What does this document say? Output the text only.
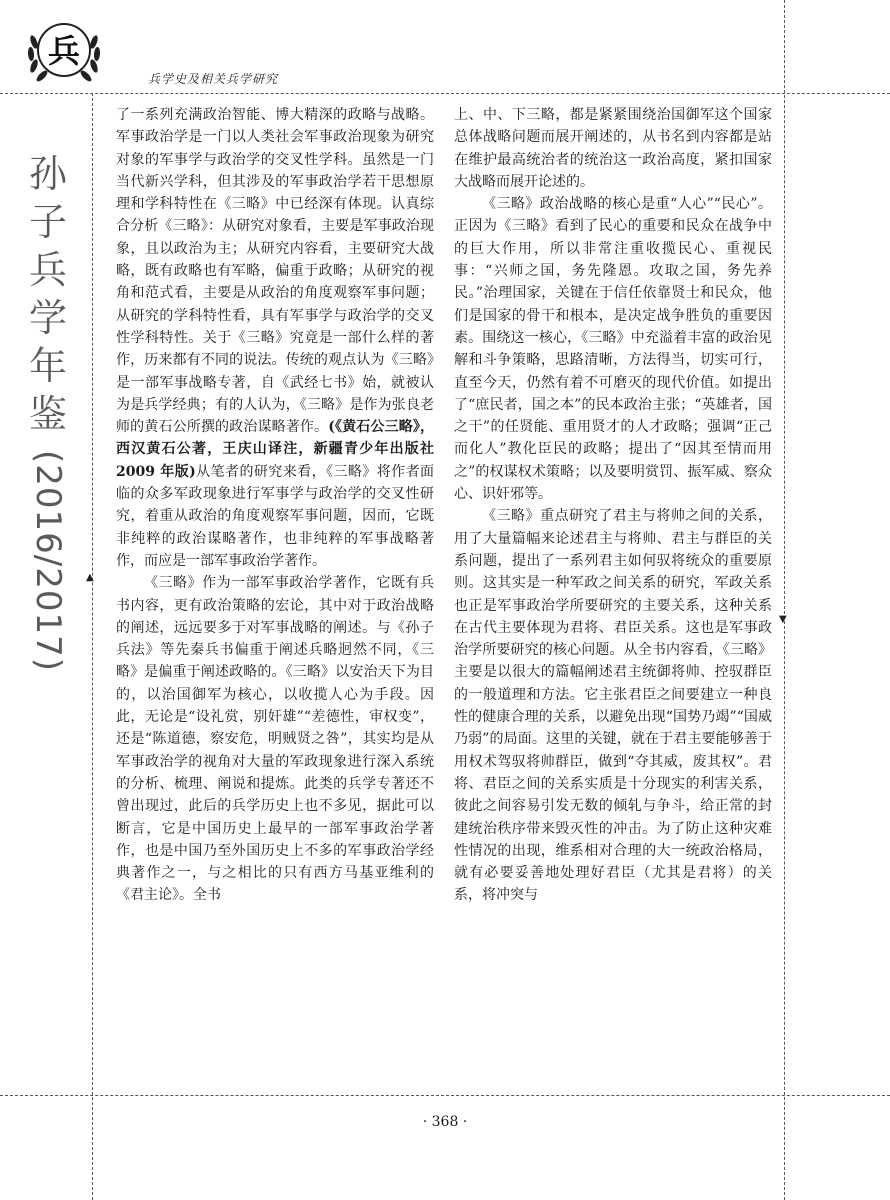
兵
兵学史及相关兵学研究
▲
▼
孙
子
兵
学
年
鉴
(2016/2017)

了一系列充满政治智能、博大精深的政略与战略。军事政治学是一门以人类社会军事政治现象为研究对象的军事学与政治学的交叉性学科。虽然是一门当代新兴学科，但其涉及的军事政治学若干思想原理和学科特性在《三略》中已经深有体现。认真综合分析《三略》：从研究对象看，主要是军事政治现象，且以政治为主；从研究内容看，主要研究大战略，既有政略也有军略，偏重于政略；从研究的视角和范式看，主要是从政治的角度观察军事问题；从研究的学科特性看，具有军事学与政治学的交叉性学科特性。关于《三略》究竟是一部什么样的著作，历来都有不同的说法。传统的观点认为《三略》是一部军事战略专著，自《武经七书》始，就被认为是兵学经典；有的人认为，《三略》是作为张良老师的黄石公所撰的政治谋略著作。(《黄石公三略》，西汉黄石公著，王庆山译注，新疆青少年出版社 2009 年版)从笔者的研究来看，《三略》将作者面临的众多军政现象进行军事学与政治学的交叉性研究，着重从政治的角度观察军事问题，因而，它既非纯粹的政治谋略著作，也非纯粹的军事战略著作，而应是一部军事政治学著作。

《三略》作为一部军事政治学著作，它既有兵书内容，更有政治策略的宏论，其中对于政治战略的阐述，远远要多于对军事战略的阐述。与《孙子兵法》等先秦兵书偏重于阐述兵略迥然不同，《三略》是偏重于阐述政略的。《三略》以安治天下为目的，以治国御军为核心，以收揽人心为手段。因此，无论是“设礼赏，别奸雄”“差德性，审权变”，还是“陈道德，察安危，明贼贤之咎”，其实均是从军事政治学的视角对大量的军政现象进行深入系统的分析、梳理、阐说和提炼。此类的兵学专著还不曾出现过，此后的兵学历史上也不多见，据此可以断言，它是中国历史上最早的一部军事政治学著作，也是中国乃至外国历史上不多的军事政治学经典著作之一，与之相比的只有西方马基亚维利的《君主论》。全书

上、中、下三略，都是紧紧围绕治国御军这个国家总体战略问题而展开阐述的，从书名到内容都是站在维护最高统治者的统治这一政治高度，紧扣国家大战略而展开论述的。

《三略》政治战略的核心是重“人心”“民心”。正因为《三略》看到了民心的重要和民众在战争中的巨大作用，所以非常注重收揽民心、重视民事：“兴师之国，务先隆恩。攻取之国，务先养民。”治理国家，关键在于信任依靠贤士和民众，他们是国家的骨干和根本，是决定战争胜负的重要因素。围绕这一核心，《三略》中充溢着丰富的政治见解和斗争策略，思路清晰，方法得当，切实可行，直至今天，仍然有着不可磨灭的现代价值。如提出了“庶民者，国之本”的民本政治主张；“英雄者，国之干”的任贤能、重用贤才的人才政略；强调“正己而化人”教化臣民的政略；提出了“因其至情而用之”的权谋权术策略；以及要明赏罚、振军威、察众心、识奸邪等。

《三略》重点研究了君主与将帅之间的关系，用了大量篇幅来论述君主与将帅、君主与群臣的关系问题，提出了一系列君主如何驭将统众的重要原则。这其实是一种军政之间关系的研究，军政关系也正是军事政治学所要研究的主要关系，这种关系在古代主要体现为君将、君臣关系。这也是军事政治学所要研究的核心问题。从全书内容看，《三略》主要是以很大的篇幅阐述君主统御将帅、控驭群臣的一般道理和方法。它主张君臣之间要建立一种良性的健康合理的关系，以避免出现“国势乃竭”“国威乃弱”的局面。这里的关键，就在于君主要能够善于用权术驾驭将帅群臣，做到“夺其威，废其权”。君将、君臣之间的关系实质是十分现实的利害关系，彼此之间容易引发无数的倾轧与争斗，给正常的封建统治秩序带来毁灭性的冲击。为了防止这种灾难性情况的出现，维系相对合理的大一统政治格局，就有必要妥善地处理好君臣（尤其是君将）的关系，将冲突与

· 368 ·
